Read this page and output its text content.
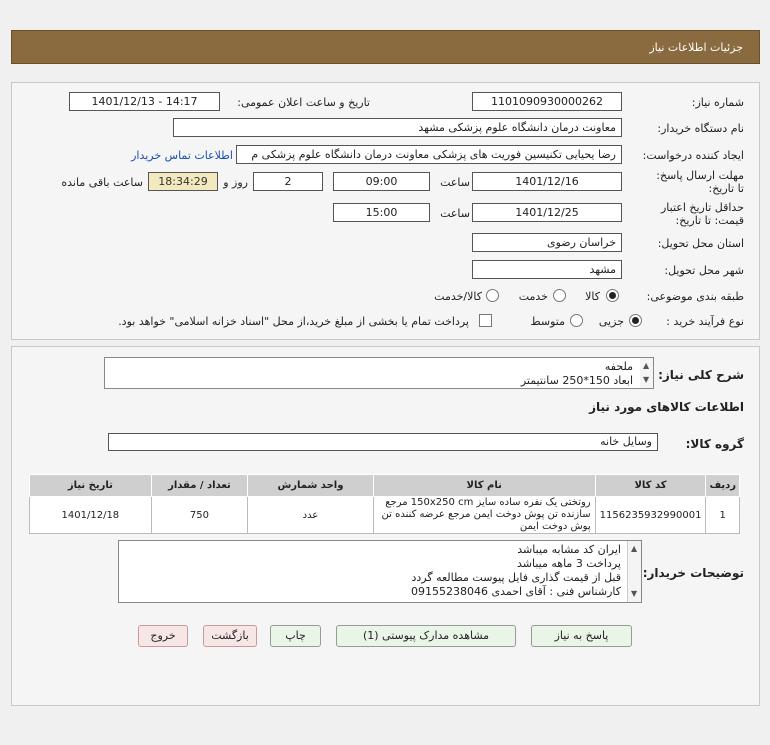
جزئیات اطلاعات نیاز
شماره نیاز:
1101090930000262
تاریخ و ساعت اعلان عمومی:
1401/12/13 - 14:17
نام دستگاه خریدار:
معاونت درمان دانشگاه علوم پزشکی مشهد
ایجاد کننده درخواست:
رضا یحیایی تکنیسین فوریت های پزشکی معاونت درمان دانشگاه علوم پزشکی م
اطلاعات تماس خریدار
مهلت ارسال پاسخ: تا تاریخ:
1401/12/16
ساعت
09:00
2
روز و
18:34:29
ساعت باقی مانده
حداقل تاریخ اعتبار قیمت: تا تاریخ:
1401/12/25
ساعت
15:00
استان محل تحویل:
خراسان رضوی
شهر محل تحویل:
مشهد
طبقه بندی موضوعی:
کالا
خدمت
کالا/خدمت
نوع فرآیند خرید :
جزیی
متوسط
پرداخت تمام یا بخشی از مبلغ خرید،از محل "اسناد خزانه اسلامی" خواهد بود.
شرح کلی نیاز:
▲
▼
ملحفه
ابعاد 150*250 سانتیمتر
اطلاعات کالاهای مورد نیاز
گروه کالا:
وسایل خانه
ردیف	کد کالا	نام کالا	واحد شمارش	تعداد / مقدار	تاریخ نیاز
1	1156235932990001	روتختی یک نفره ساده سایز 150x250 cm مرجع سازنده تن پوش دوخت ایمن مرجع عرضه کننده تن پوش دوخت ایمن	عدد	750	1401/12/18
توضیحات خریدار:
▲
▼
ایران کد مشابه میباشد
پرداخت 3 ماهه میباشد
قبل از قیمت گذاری فایل پیوست مطالعه گردد
کارشناس فنی : آقای احمدی 09155238046
پاسخ به نیاز
مشاهده مدارک پیوستی (1)
چاپ
بازگشت
خروج
